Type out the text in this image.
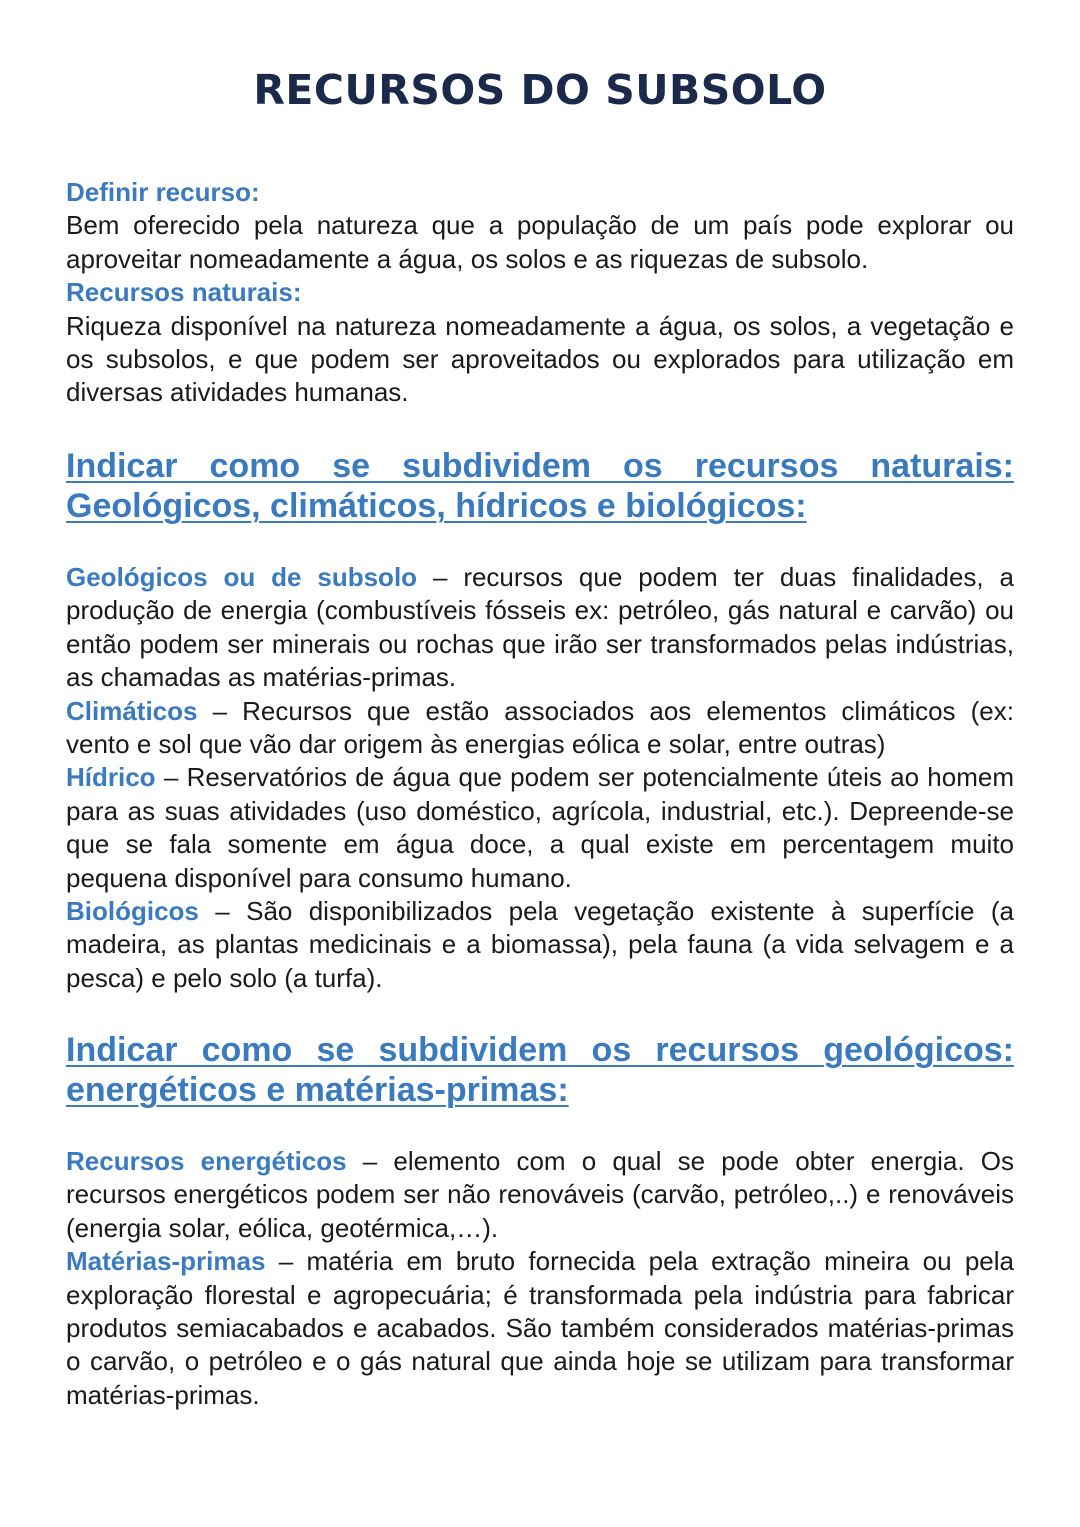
RECURSOS DO SUBSOLO
Definir recurso:
Bem oferecido pela natureza que a população de um país pode explorar ou aproveitar nomeadamente a água, os solos e as riquezas de subsolo.
Recursos naturais:
Riqueza disponível na natureza nomeadamente a água, os solos, a vegetação e os subsolos, e que podem ser aproveitados ou explorados para utilização em diversas atividades humanas.
Indicar como se subdividem os recursos naturais: Geológicos, climáticos, hídricos e biológicos:
Geológicos ou de subsolo – recursos que podem ter duas finalidades, a produção de energia (combustíveis fósseis ex: petróleo, gás natural e carvão) ou então podem ser minerais ou rochas que irão ser transformados pelas indústrias, as chamadas as matérias-primas.
Climáticos – Recursos que estão associados aos elementos climáticos (ex: vento e sol que vão dar origem às energias eólica e solar, entre outras)
Hídrico – Reservatórios de água que podem ser potencialmente úteis ao homem para as suas atividades (uso doméstico, agrícola, industrial, etc.). Depreende-se que se fala somente em água doce, a qual existe em percentagem muito pequena disponível para consumo humano.
Biológicos – São disponibilizados pela vegetação existente à superfície (a madeira, as plantas medicinais e a biomassa), pela fauna (a vida selvagem e a pesca) e pelo solo (a turfa).
Indicar como se subdividem os recursos geológicos: energéticos e matérias-primas:
Recursos energéticos – elemento com o qual se pode obter energia. Os recursos energéticos podem ser não renováveis (carvão, petróleo,..) e renováveis (energia solar, eólica, geotérmica,…).
Matérias-primas – matéria em bruto fornecida pela extração mineira ou pela exploração florestal e agropecuária; é transformada pela indústria para fabricar produtos semiacabados e acabados. São também considerados matérias-primas o carvão, o petróleo e o gás natural que ainda hoje se utilizam para transformar matérias-primas.
